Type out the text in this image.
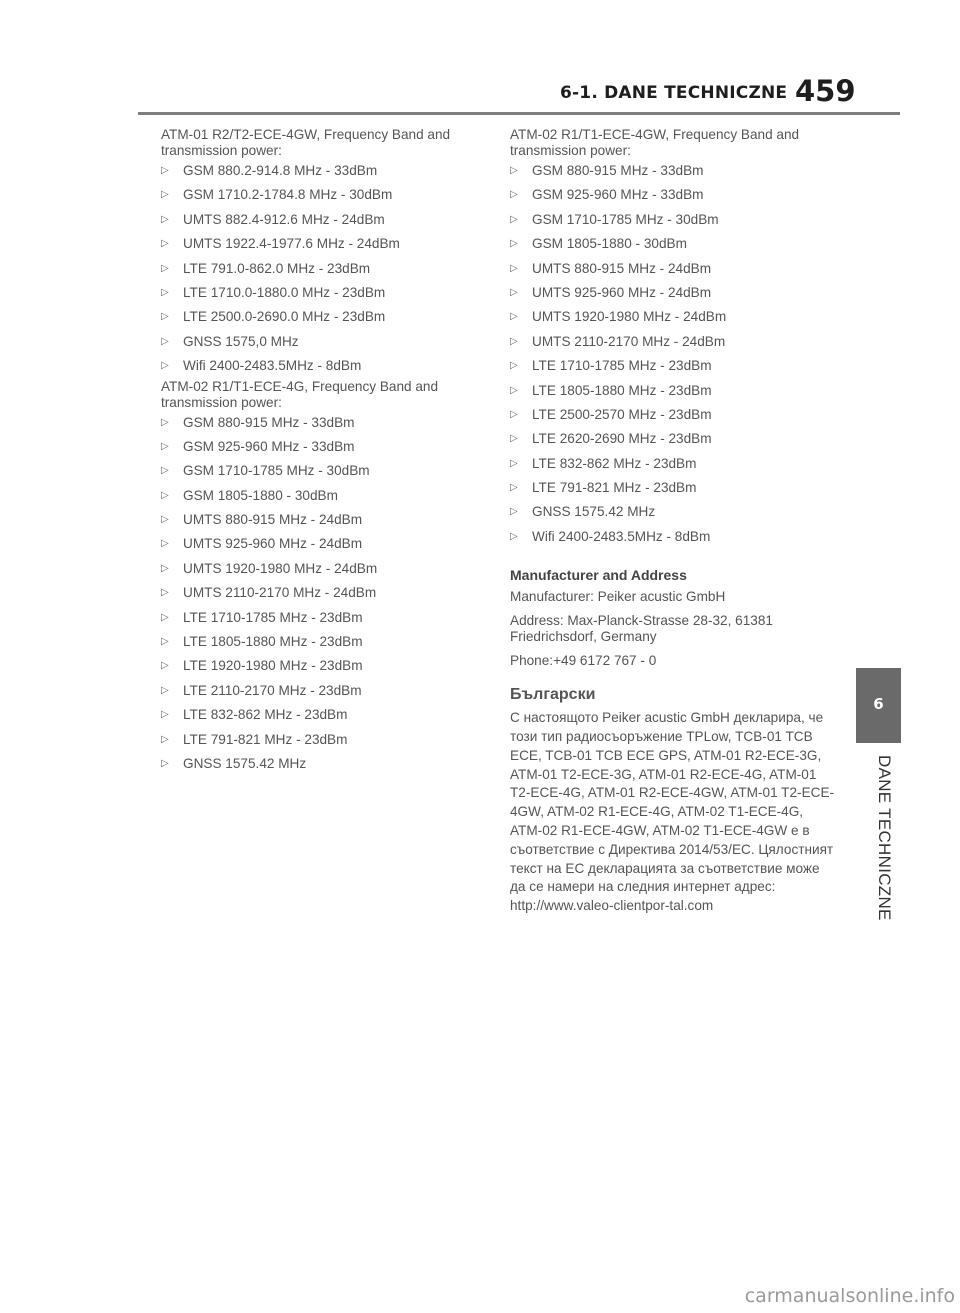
6-1. DANE TECHNICZNE 459

ATM-01 R2/T2-ECE-4GW, Frequency Band and transmission power:

▷ GSM 880.2-914.8 MHz - 33dBm
▷ GSM 1710.2-1784.8 MHz - 30dBm
▷ UMTS 882.4-912.6 MHz - 24dBm
▷ UMTS 1922.4-1977.6 MHz - 24dBm
▷ LTE 791.0-862.0 MHz - 23dBm
▷ LTE 1710.0-1880.0 MHz - 23dBm
▷ LTE 2500.0-2690.0 MHz - 23dBm
▷ GNSS 1575,0 MHz
▷ Wifi 2400-2483.5MHz - 8dBm

ATM-02 R1/T1-ECE-4G, Frequency Band and transmission power:

▷ GSM 880-915 MHz - 33dBm
▷ GSM 925-960 MHz - 33dBm
▷ GSM 1710-1785 MHz - 30dBm
▷ GSM 1805-1880 - 30dBm
▷ UMTS 880-915 MHz - 24dBm
▷ UMTS 925-960 MHz - 24dBm
▷ UMTS 1920-1980 MHz - 24dBm
▷ UMTS 2110-2170 MHz - 24dBm
▷ LTE 1710-1785 MHz - 23dBm
▷ LTE 1805-1880 MHz - 23dBm
▷ LTE 1920-1980 MHz - 23dBm
▷ LTE 2110-2170 MHz - 23dBm
▷ LTE 832-862 MHz - 23dBm
▷ LTE 791-821 MHz - 23dBm
▷ GNSS 1575.42 MHz

ATM-02 R1/T1-ECE-4GW, Frequency Band and transmission power:

▷ GSM 880-915 MHz - 33dBm
▷ GSM 925-960 MHz - 33dBm
▷ GSM 1710-1785 MHz - 30dBm
▷ GSM 1805-1880 - 30dBm
▷ UMTS 880-915 MHz - 24dBm
▷ UMTS 925-960 MHz - 24dBm
▷ UMTS 1920-1980 MHz - 24dBm
▷ UMTS 2110-2170 MHz - 24dBm
▷ LTE 1710-1785 MHz - 23dBm
▷ LTE 1805-1880 MHz - 23dBm
▷ LTE 2500-2570 MHz - 23dBm
▷ LTE 2620-2690 MHz - 23dBm
▷ LTE 832-862 MHz - 23dBm
▷ LTE 791-821 MHz - 23dBm
▷ GNSS 1575.42 MHz
▷ Wifi 2400-2483.5MHz - 8dBm

Manufacturer and Address

Manufacturer: Peiker acustic GmbH

Address: Max-Planck-Strasse 28-32, 61381 Friedrichsdorf, Germany

Phone:+49 6172 767 - 0

Български

С настоящото Peiker acustic GmbH декларира, че този тип радиосъоръжение TPLow, TCB-01 TCB ECE, TCB-01 TCB ECE GPS, ATM-01 R2-ECE-3G, ATM-01 T2-ECE-3G, ATM-01 R2-ECE-4G, ATM-01 T2-ECE-4G, ATM-01 R2-ECE-4GW, ATM-01 T2-ECE-4GW, ATM-02 R1-ECE-4G, ATM-02 T1-ECE-4G, ATM-02 R1-ECE-4GW, ATM-02 T1-ECE-4GW е в съответствие с Директива 2014/53/ЕС. Цялостният текст на ЕС декларацията за съответствие може да се намери на следния интернет адрес: http://www.valeo-clientpor-tal.com

6
DANE TECHNICZNE
carmanualsonline.info
